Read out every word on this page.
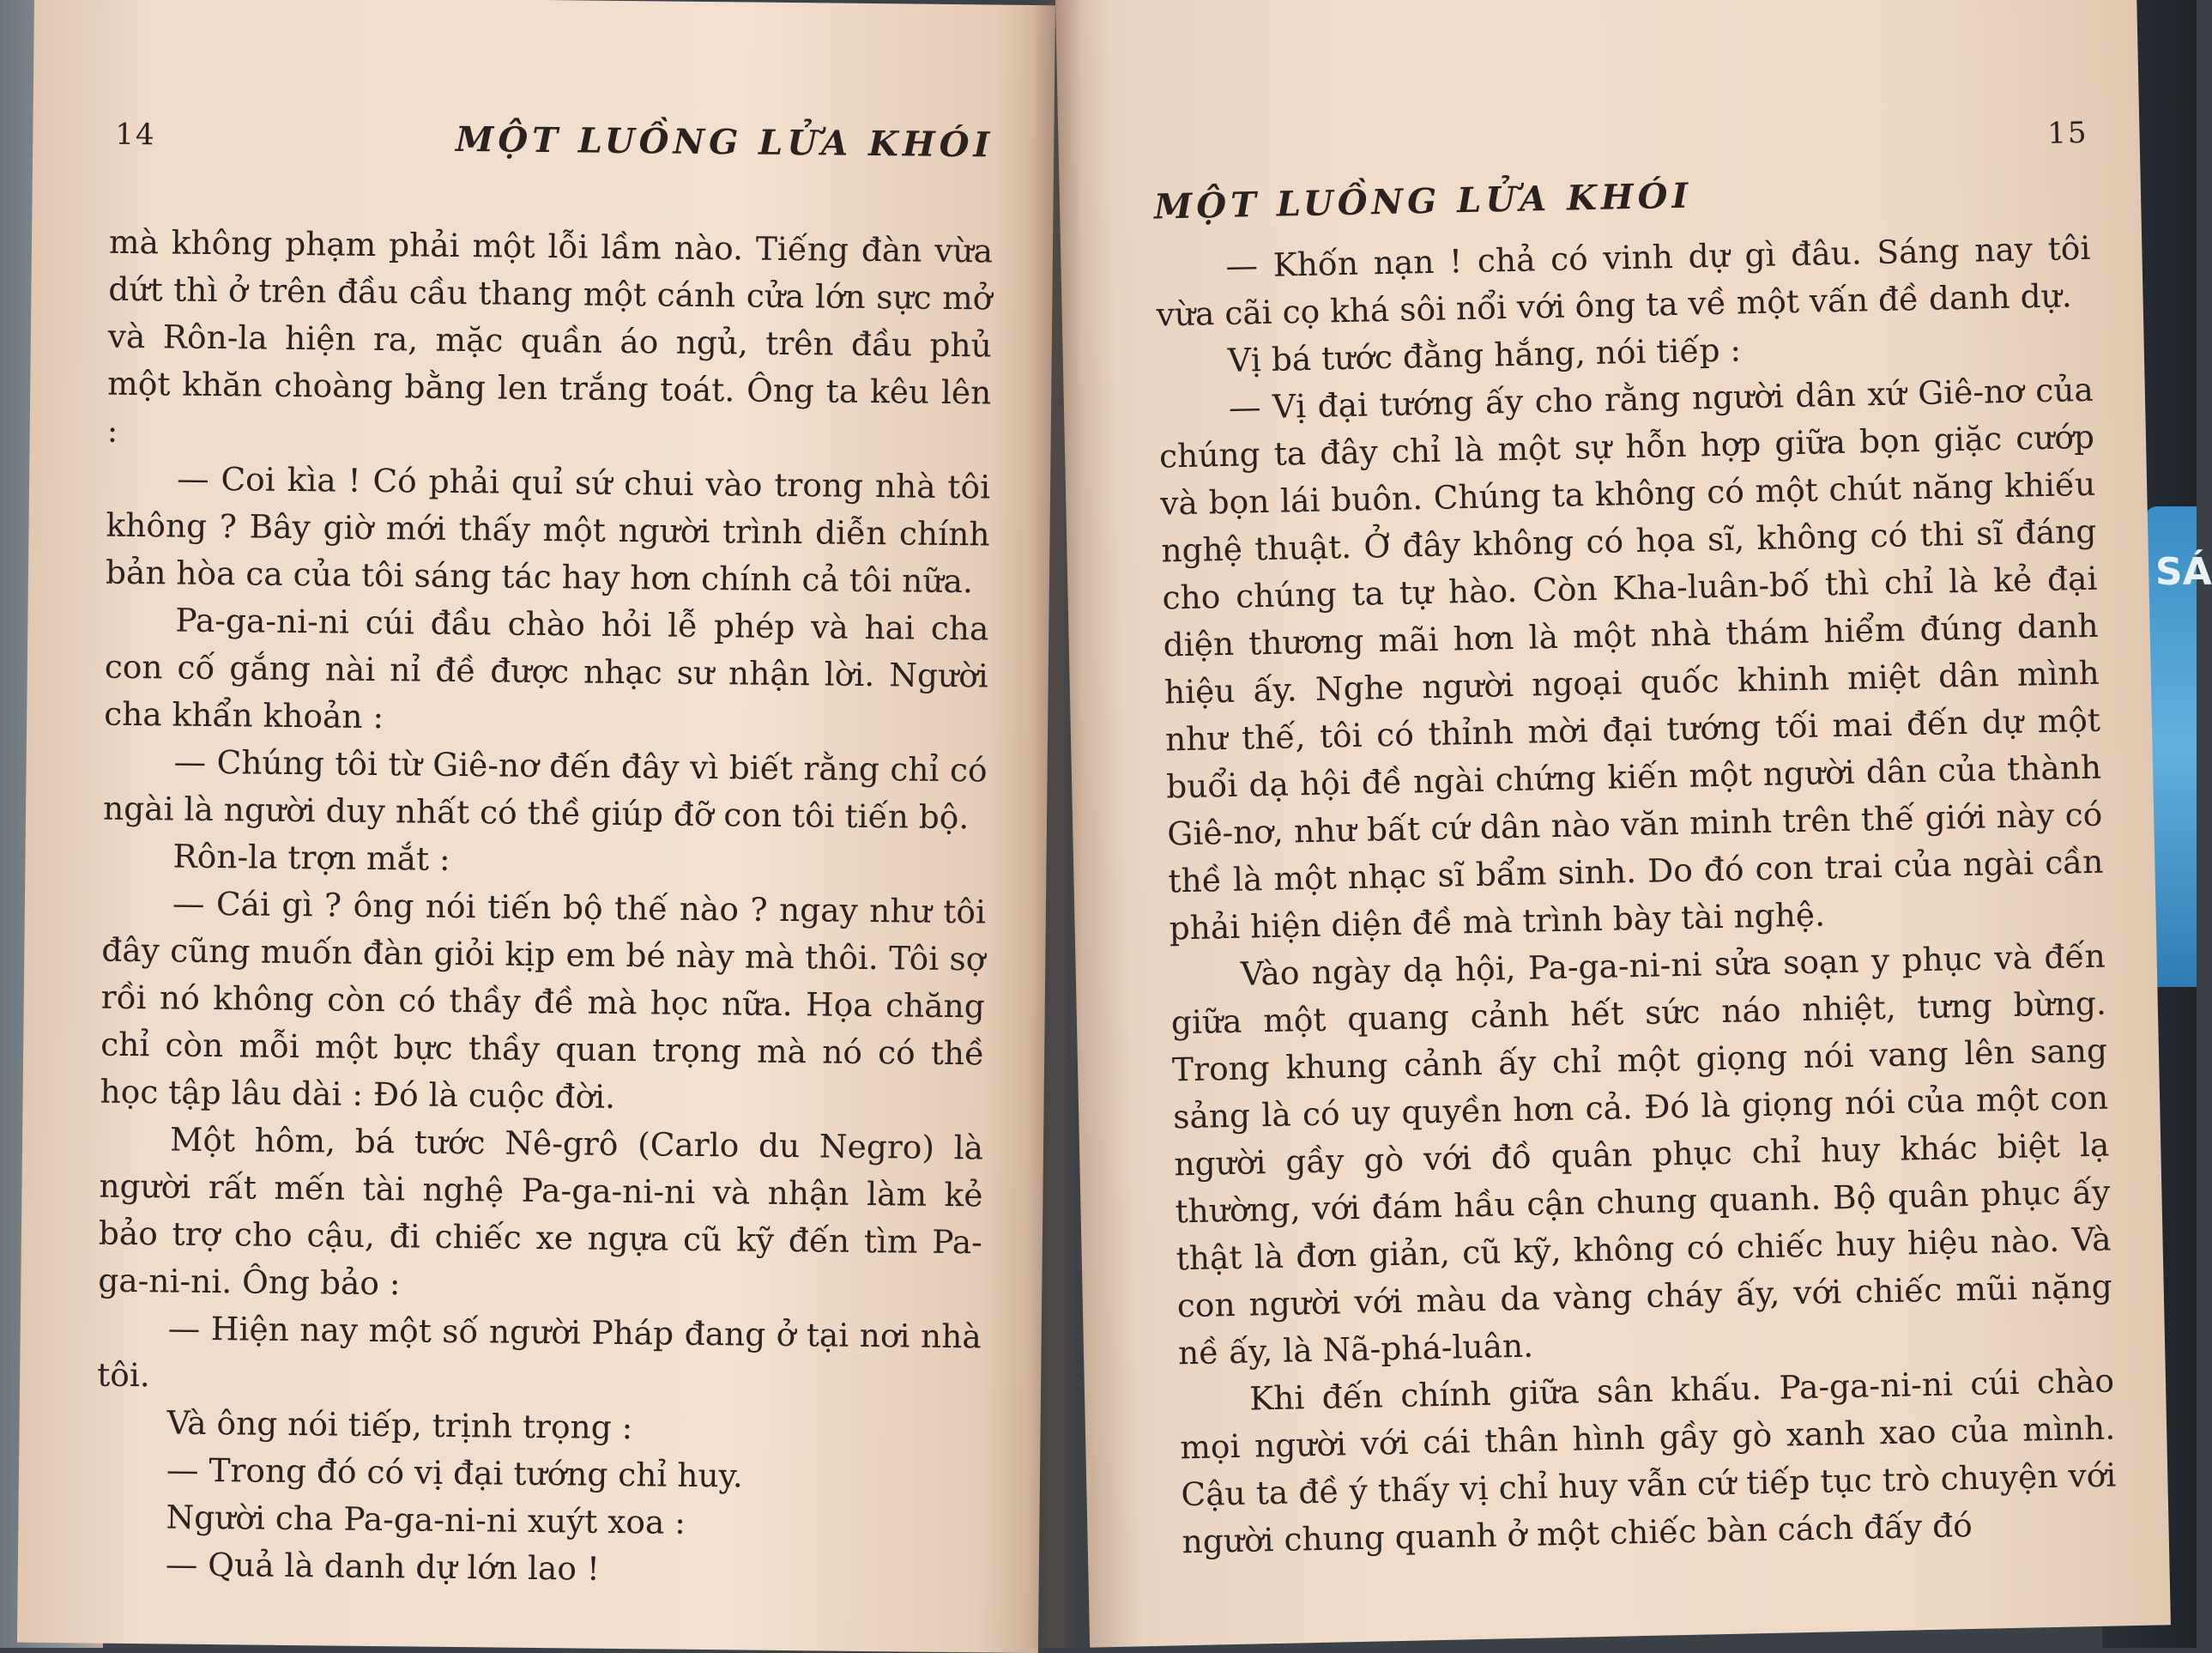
SÁ
14	MỘT LUỒNG LỬA KHÓI

mà không phạm phải một lỗi lầm nào. Tiếng đàn vừa dứt thì ở trên đầu cầu thang một cánh cửa lớn sực mở và Rôn-la hiện ra, mặc quần áo ngủ, trên đầu phủ một khăn choàng bằng len trắng toát. Ông ta kêu lên :

— Coi kìa ! Có phải quỉ sứ chui vào trong nhà tôi không ? Bây giờ mới thấy một người trình diễn chính bản hòa ca của tôi sáng tác hay hơn chính cả tôi nữa.

Pa-ga-ni-ni cúi đầu chào hỏi lễ phép và hai cha con cố gắng nài nỉ đề được nhạc sư nhận lời. Người cha khẩn khoản :

— Chúng tôi từ Giê-nơ đến đây vì biết rằng chỉ có ngài là người duy nhất có thề giúp đỡ con tôi tiến bộ.

Rôn-la trợn mắt :

— Cái gì ? ông nói tiến bộ thế nào ? ngay như tôi đây cũng muốn đàn giỏi kịp em bé này mà thôi. Tôi sợ rồi nó không còn có thầy đề mà học nữa. Họa chăng chỉ còn mỗi một bực thầy quan trọng mà nó có thề học tập lâu dài : Đó là cuộc đời.

Một hôm, bá tước Nê-grô (Carlo du Negro) là người rất mến tài nghệ Pa-ga-ni-ni và nhận làm kẻ bảo trợ cho cậu, đi chiếc xe ngựa cũ kỹ đến tìm Pa-ga-ni-ni. Ông bảo :

— Hiện nay một số người Pháp đang ở tại nơi nhà tôi.

Và ông nói tiếp, trịnh trọng :

— Trong đó có vị đại tướng chỉ huy.

Người cha Pa-ga-ni-ni xuýt xoa :

— Quả là danh dự lớn lao !

15
MỘT LUỒNG LỬA KHÓI

— Khốn nạn ! chả có vinh dự gì đâu. Sáng nay tôi vừa cãi cọ khá sôi nổi với ông ta về một vấn đề danh dự.

Vị bá tước đằng hắng, nói tiếp :

— Vị đại tướng ấy cho rằng người dân xứ Giê-nơ của chúng ta đây chỉ là một sự hỗn hợp giữa bọn giặc cướp và bọn lái buôn. Chúng ta không có một chút năng khiếu nghệ thuật. Ở đây không có họa sĩ, không có thi sĩ đáng cho chúng ta tự hào. Còn Kha-luân-bố thì chỉ là kẻ đại diện thương mãi hơn là một nhà thám hiểm đúng danh hiệu ấy. Nghe người ngoại quốc khinh miệt dân mình như thế, tôi có thỉnh mời đại tướng tối mai đến dự một buổi dạ hội đề ngài chứng kiến một người dân của thành Giê-nơ, như bất cứ dân nào văn minh trên thế giới này có thề là một nhạc sĩ bẩm sinh. Do đó con trai của ngài cần phải hiện diện đề mà trình bày tài nghệ.

Vào ngày dạ hội, Pa-ga-ni-ni sửa soạn y phục và đến giữa một quang cảnh hết sức náo nhiệt, tưng bừng. Trong khung cảnh ấy chỉ một giọng nói vang lên sang sảng là có uy quyền hơn cả. Đó là giọng nói của một con người gầy gò với đồ quân phục chỉ huy khác biệt lạ thường, với đám hầu cận chung quanh. Bộ quân phục ấy thật là đơn giản, cũ kỹ, không có chiếc huy hiệu nào. Và con người với màu da vàng cháy ấy, với chiếc mũi nặng nề ấy, là Nã-phá-luân.

Khi đến chính giữa sân khấu. Pa-ga-ni-ni cúi chào mọi người với cái thân hình gầy gò xanh xao của mình. Cậu ta đề ý thấy vị chỉ huy vẫn cứ tiếp tục trò chuyện với người chung quanh ở một chiếc bàn cách đấy đó
